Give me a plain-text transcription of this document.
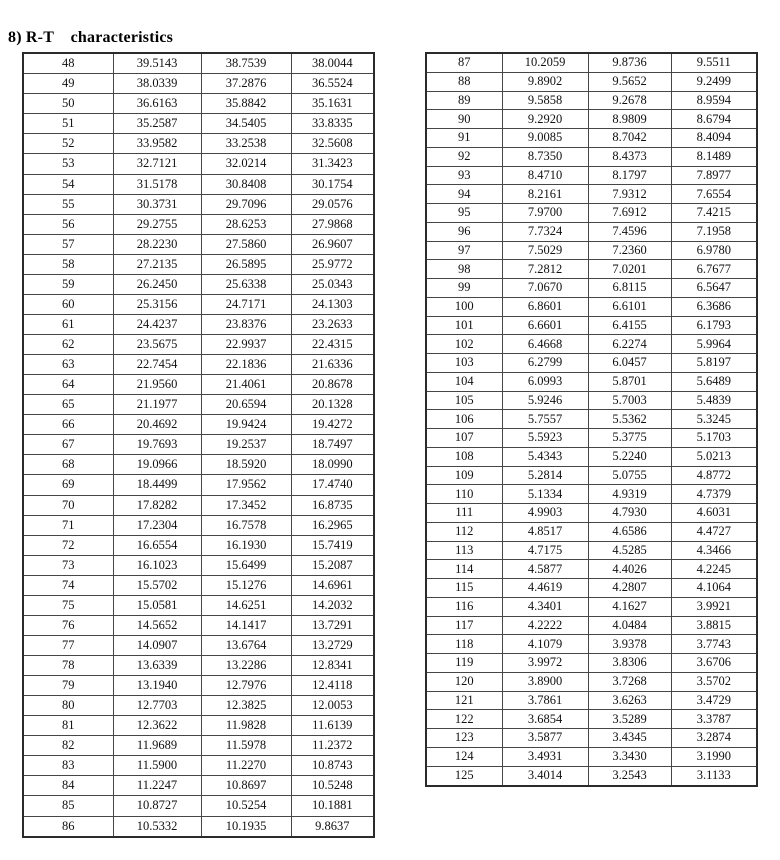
8) R-T    characteristics
48	39.5143	38.7539	38.0044
49	38.0339	37.2876	36.5524
50	36.6163	35.8842	35.1631
51	35.2587	34.5405	33.8335
52	33.9582	33.2538	32.5608
53	32.7121	32.0214	31.3423
54	31.5178	30.8408	30.1754
55	30.3731	29.7096	29.0576
56	29.2755	28.6253	27.9868
57	28.2230	27.5860	26.9607
58	27.2135	26.5895	25.9772
59	26.2450	25.6338	25.0343
60	25.3156	24.7171	24.1303
61	24.4237	23.8376	23.2633
62	23.5675	22.9937	22.4315
63	22.7454	22.1836	21.6336
64	21.9560	21.4061	20.8678
65	21.1977	20.6594	20.1328
66	20.4692	19.9424	19.4272
67	19.7693	19.2537	18.7497
68	19.0966	18.5920	18.0990
69	18.4499	17.9562	17.4740
70	17.8282	17.3452	16.8735
71	17.2304	16.7578	16.2965
72	16.6554	16.1930	15.7419
73	16.1023	15.6499	15.2087
74	15.5702	15.1276	14.6961
75	15.0581	14.6251	14.2032
76	14.5652	14.1417	13.7291
77	14.0907	13.6764	13.2729
78	13.6339	13.2286	12.8341
79	13.1940	12.7976	12.4118
80	12.7703	12.3825	12.0053
81	12.3622	11.9828	11.6139
82	11.9689	11.5978	11.2372
83	11.5900	11.2270	10.8743
84	11.2247	10.8697	10.5248
85	10.8727	10.5254	10.1881
86	10.5332	10.1935	9.8637
87	10.2059	9.8736	9.5511
88	9.8902	9.5652	9.2499
89	9.5858	9.2678	8.9594
90	9.2920	8.9809	8.6794
91	9.0085	8.7042	8.4094
92	8.7350	8.4373	8.1489
93	8.4710	8.1797	7.8977
94	8.2161	7.9312	7.6554
95	7.9700	7.6912	7.4215
96	7.7324	7.4596	7.1958
97	7.5029	7.2360	6.9780
98	7.2812	7.0201	6.7677
99	7.0670	6.8115	6.5647
100	6.8601	6.6101	6.3686
101	6.6601	6.4155	6.1793
102	6.4668	6.2274	5.9964
103	6.2799	6.0457	5.8197
104	6.0993	5.8701	5.6489
105	5.9246	5.7003	5.4839
106	5.7557	5.5362	5.3245
107	5.5923	5.3775	5.1703
108	5.4343	5.2240	5.0213
109	5.2814	5.0755	4.8772
110	5.1334	4.9319	4.7379
111	4.9903	4.7930	4.6031
112	4.8517	4.6586	4.4727
113	4.7175	4.5285	4.3466
114	4.5877	4.4026	4.2245
115	4.4619	4.2807	4.1064
116	4.3401	4.1627	3.9921
117	4.2222	4.0484	3.8815
118	4.1079	3.9378	3.7743
119	3.9972	3.8306	3.6706
120	3.8900	3.7268	3.5702
121	3.7861	3.6263	3.4729
122	3.6854	3.5289	3.3787
123	3.5877	3.4345	3.2874
124	3.4931	3.3430	3.1990
125	3.4014	3.2543	3.1133
